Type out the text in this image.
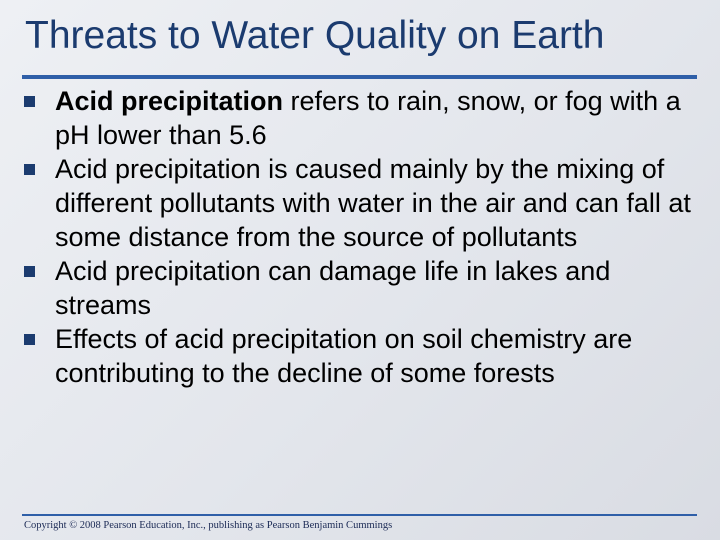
Threats to Water Quality on Earth
Acid precipitation refers to rain, snow, or fog with a pH lower than 5.6
Acid precipitation is caused mainly by the mixing of different pollutants with water in the air and can fall at some distance from the source of pollutants
Acid precipitation can damage life in lakes and streams
Effects of acid precipitation on soil chemistry are contributing to the decline of some forests
Copyright © 2008 Pearson Education, Inc., publishing as Pearson Benjamin Cummings
